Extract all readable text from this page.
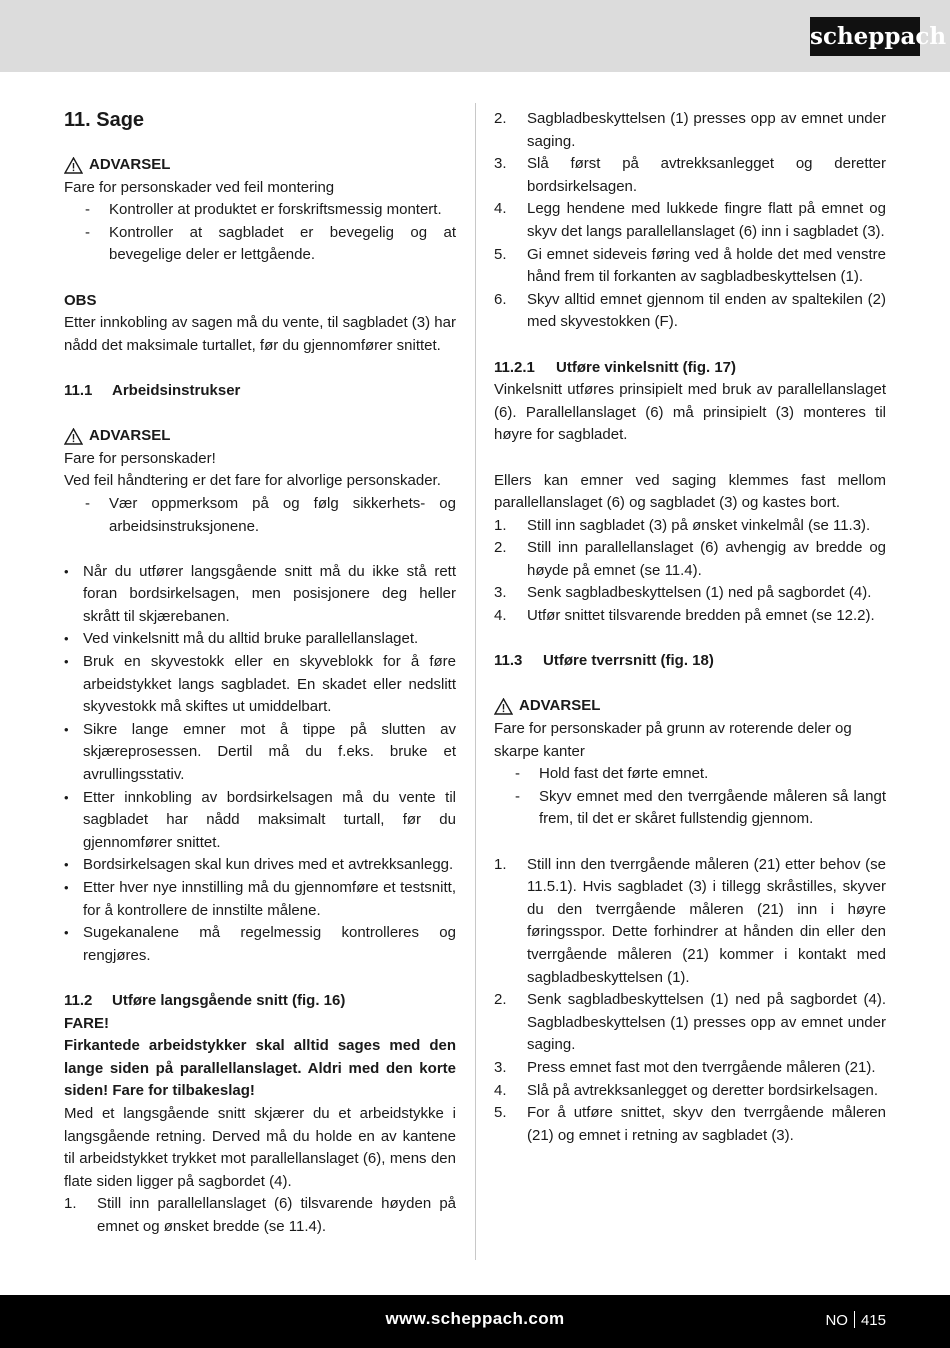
scheppach
11. Sage
ADVARSEL

Fare for personskader ved feil montering

- Kontroller at produktet er forskriftsmessig montert.
- Kontroller at sagbladet er bevegelig og at bevegelige deler er lettgående.

OBS

Etter innkobling av sagen må du vente, til sagbladet (3) har nådd det maksimale turtallet, før du gjennomfører snittet.

11.1 Arbeidsinstrukser

ADVARSEL

Fare for personskader!

Ved feil håndtering er det fare for alvorlige personskader.

- Vær oppmerksom på og følg sikkerhets- og arbeidsinstruksjonene.
• Når du utfører langsgående snitt må du ikke stå rett foran bordsirkelsagen, men posisjonere deg heller skrått til skjærebanen.
• Ved vinkelsnitt må du alltid bruke parallellanslaget.
• Bruk en skyvestokk eller en skyveblokk for å føre arbeidstykket langs sagbladet. En skadet eller nedslitt skyvestokk må skiftes ut umiddelbart.
• Sikre lange emner mot å tippe på slutten av skjæreprosessen. Dertil må du f.eks. bruke et avrullingsstativ.
• Etter innkobling av bordsirkelsagen må du vente til sagbladet har nådd maksimalt turtall, før du gjennomfører snittet.
• Bordsirkelsagen skal kun drives med et avtrekksanlegg.
• Etter hver nye innstilling må du gjennomføre et testsnitt, for å kontrollere de innstilte målene.
• Sugekanalene må regelmessig kontrolleres og rengjøres.

11.2 Utføre langsgående snitt (fig. 16)

FARE!

Firkantede arbeidstykker skal alltid sages med den lange siden på parallellanslaget. Aldri med den korte siden! Fare for tilbakeslag!

Med et langsgående snitt skjærer du et arbeidstykke i langsgående retning. Derved må du holde en av kantene til arbeidstykket trykket mot parallellanslaget (6), mens den flate siden ligger på sagbordet (4).

1. Still inn parallellanslaget (6) tilsvarende høyden på emnet og ønsket bredde (se 11.4).
2. Sagbladbeskyttelsen (1) presses opp av emnet under saging.
3. Slå først på avtrekksanlegget og deretter bordsirkelsagen.
4. Legg hendene med lukkede fingre flatt på emnet og skyv det langs parallellanslaget (6) inn i sagbladet (3).
5. Gi emnet sideveis føring ved å holde det med venstre hånd frem til forkanten av sagbladbeskyttelsen (1).
6. Skyv alltid emnet gjennom til enden av spaltekilen (2) med skyvestokken (F).

11.2.1 Utføre vinkelsnitt (fig. 17)

Vinkelsnitt utføres prinsipielt med bruk av parallellanslaget (6). Parallellanslaget (6) må prinsipielt (3) monteres til høyre for sagbladet.

Ellers kan emner ved saging klemmes fast mellom parallellanslaget (6) og sagbladet (3) og kastes bort.

1. Still inn sagbladet (3) på ønsket vinkelmål (se 11.3).
2. Still inn parallellanslaget (6) avhengig av bredde og høyde på emnet (se 11.4).
3. Senk sagbladbeskyttelsen (1) ned på sagbordet (4).
4. Utfør snittet tilsvarende bredden på emnet (se 12.2).

11.3 Utføre tverrsnitt (fig. 18)

ADVARSEL

Fare for personskader på grunn av roterende deler og skarpe kanter

- Hold fast det førte emnet.
- Skyv emnet med den tverrgående måleren så langt frem, til det er skåret fullstendig gjennom.
1. Still inn den tverrgående måleren (21) etter behov (se 11.5.1). Hvis sagbladet (3) i tillegg skråstilles, skyver du den tverrgående måleren (21) inn i høyre føringsspor. Dette forhindrer at hånden din eller den tverrgående måleren (21) kommer i kontakt med sagbladbeskyttelsen (1).
2. Senk sagbladbeskyttelsen (1) ned på sagbordet (4). Sagbladbeskyttelsen (1) presses opp av emnet under saging.
3. Press emnet fast mot den tverrgående måleren (21).
4. Slå på avtrekksanlegget og deretter bordsirkelsagen.
5. For å utføre snittet, skyv den tverrgående måleren (21) og emnet i retning av sagbladet (3).
www.scheppach.com	NO 415
